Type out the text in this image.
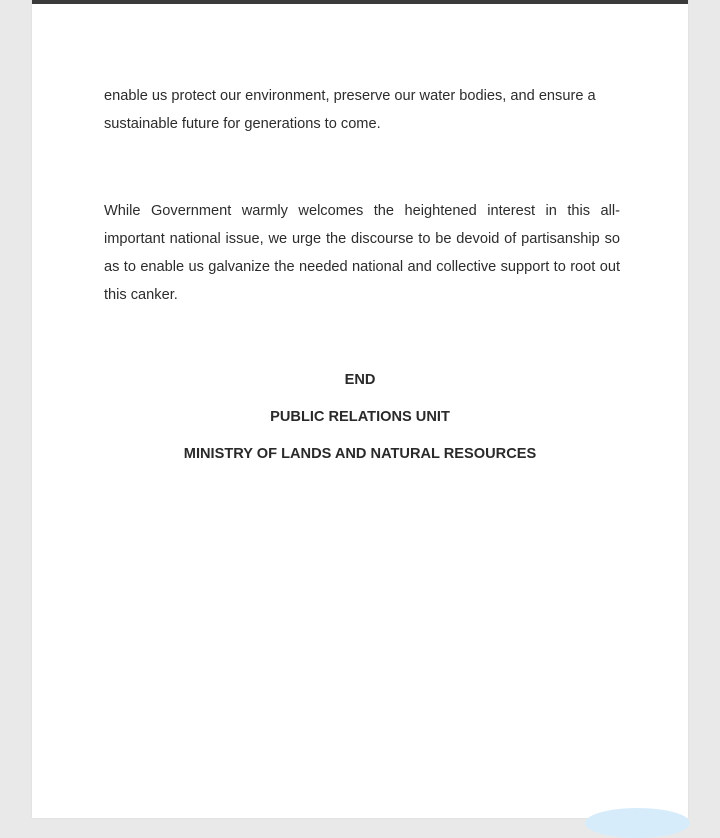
enable us protect our environment, preserve our water bodies, and ensure a sustainable future for generations to come.

While Government warmly welcomes the heightened interest in this all-important national issue, we urge the discourse to be devoid of partisanship so as to enable us galvanize the needed national and collective support to root out this canker.

END

PUBLIC RELATIONS UNIT

MINISTRY OF LANDS AND NATURAL RESOURCES
